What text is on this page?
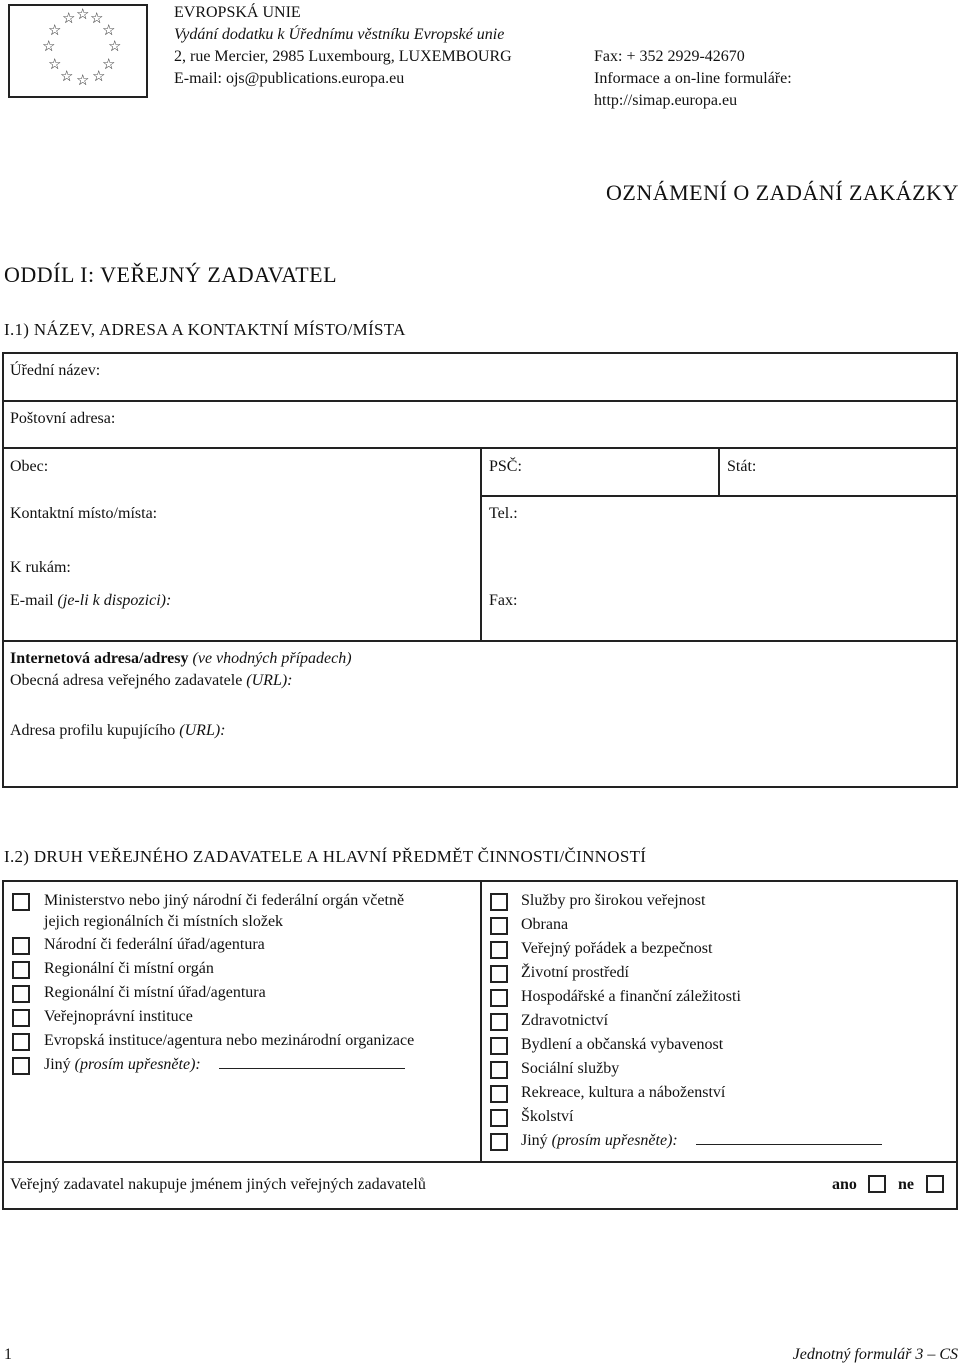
☆ ☆ ☆
☆	☆
☆	☆
☆	☆
☆ ☆ ☆
EVROPSKÁ UNIE
Vydání dodatku k Úřednímu věstníku Evropské unie
2, rue Mercier, 2985 Luxembourg, LUXEMBOURG
E-mail: ojs@publications.europa.eu
Fax: + 352 2929-42670
Informace a on-line formuláře:
http://simap.europa.eu
OZNÁMENÍ O ZADÁNÍ ZAKÁZKY
ODDÍL I: VEŘEJNÝ ZADAVATEL
I.1) NÁZEV, ADRESA A KONTAKTNÍ MÍSTO/MÍSTA
Úřední název:
Poštovní adresa:
Obec:	PSČ:	Stát:
Kontaktní místo/místa:	Tel.:
K rukám:
E-mail (je-li k dispozici):	Fax:
Internetová adresa/adresy (ve vhodných případech)
Obecná adresa veřejného zadavatele (URL):
Adresa profilu kupujícího (URL):
I.2) DRUH VEŘEJNÉHO ZADAVATELE A HLAVNÍ PŘEDMĚT ČINNOSTI/ČINNOSTÍ
Ministerstvo nebo jiný národní či federální orgán včetně
jejich regionálních či místních složek
Národní či federální úřad/agentura
Regionální či místní orgán
Regionální či místní úřad/agentura
Veřejnoprávní instituce
Evropská instituce/agentura nebo mezinárodní organizace
Jiný (prosím upřesněte):
Služby pro širokou veřejnost
Obrana
Veřejný pořádek a bezpečnost
Životní prostředí
Hospodářské a finanční záležitosti
Zdravotnictví
Bydlení a občanská vybavenost
Sociální služby
Rekreace, kultura a náboženství
Školství
Jiný (prosím upřesněte):
Veřejný zadavatel nakupuje jménem jiných veřejných zadavatelů	ano	ne
1	Jednotný formulář 3 – CS
